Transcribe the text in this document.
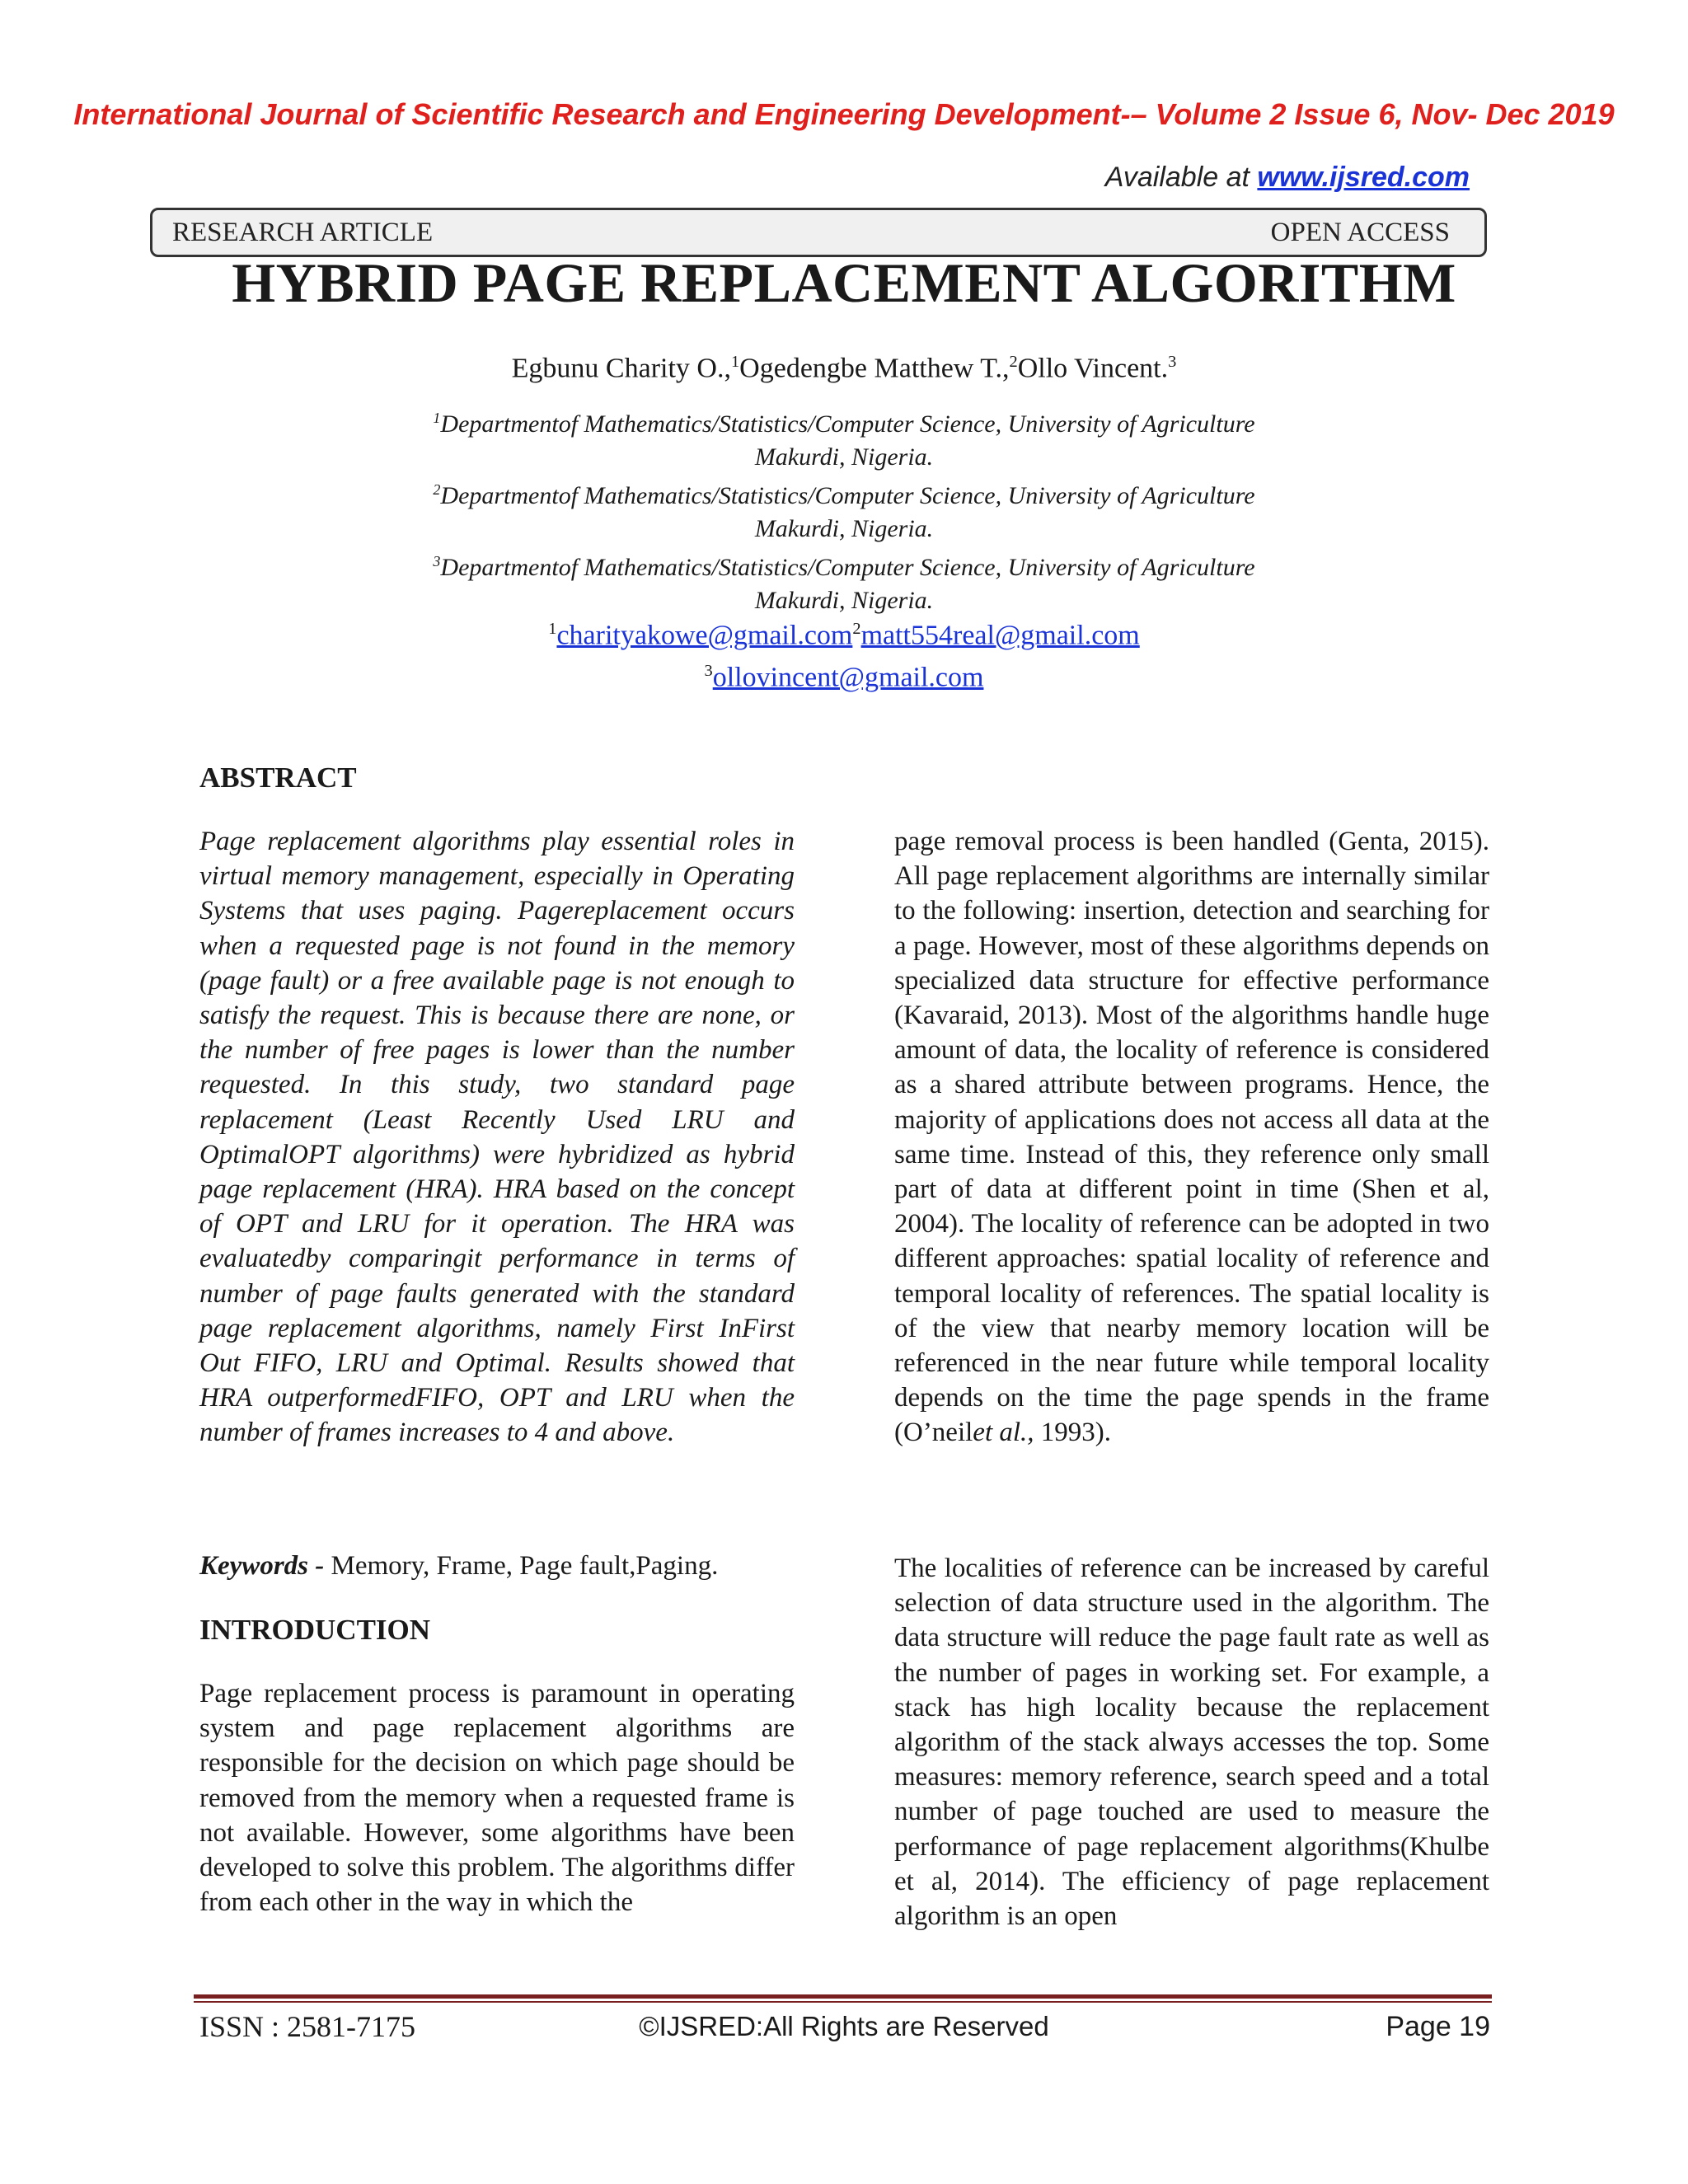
International Journal of Scientific Research and Engineering Development-– Volume 2 Issue 6, Nov- Dec 2019
Available at www.ijsred.com
RESEARCH ARTICLE	OPEN ACCESS
HYBRID PAGE REPLACEMENT ALGORITHM
Egbunu Charity O.,$^1$Ogedengbe Matthew T.,$^2$Ollo Vincent.$^3$
$^1$Departmentof Mathematics/Statistics/Computer Science, University of Agriculture
Makurdi, Nigeria.
$^2$Departmentof Mathematics/Statistics/Computer Science, University of Agriculture
Makurdi, Nigeria.
$^3$Departmentof Mathematics/Statistics/Computer Science, University of Agriculture
Makurdi, Nigeria.
$^1$charityakowe@gmail.com$^2$matt554real@gmail.com
$^3$ollovincent@gmail.com
ABSTRACT

Page replacement algorithms play essential roles in virtual memory management, especially in Operating Systems that uses paging. Pagereplacement occurs when a requested page is not found in the memory (page fault) or a free available page is not enough to satisfy the request. This is because there are none, or the number of free pages is lower than the number requested. In this study, two standard page replacement (Least Recently Used LRU and OptimalOPT algorithms) were hybridized as hybrid page replacement (HRA). HRA based on the concept of OPT and LRU for it operation. The HRA was evaluatedby comparingit performance in terms of number of page faults generated with the standard page replacement algorithms, namely First InFirst Out FIFO, LRU and Optimal. Results showed that HRA outperformedFIFO, OPT and LRU when the number of frames increases to 4 and above.

Keywords - Memory, Frame, Page fault,Paging.
INTRODUCTION

Page replacement process is paramount in operating system and page replacement algorithms are responsible for the decision on which page should be removed from the memory when a requested frame is not available. However, some algorithms have been developed to solve this problem. The algorithms differ from each other in the way in which the

page removal process is been handled (Genta, 2015). All page replacement algorithms are internally similar to the following: insertion, detection and searching for a page. However, most of these algorithms depends on specialized data structure for effective performance (Kavaraid, 2013). Most of the algorithms handle huge amount of data, the locality of reference is considered as a shared attribute between programs. Hence, the majority of applications does not access all data at the same time. Instead of this, they reference only small part of data at different point in time (Shen et al, 2004). The locality of reference can be adopted in two different approaches: spatial locality of reference and temporal locality of references. The spatial locality is of the view that nearby memory location will be referenced in the near future while temporal locality depends on the time the page spends in the frame (O’neilet al., 1993).

The localities of reference can be increased by careful selection of data structure used in the algorithm. The data structure will reduce the page fault rate as well as the number of pages in working set. For example, a stack has high locality because the replacement algorithm of the stack always accesses the top. Some measures: memory reference, search speed and a total number of page touched are used to measure the performance of page replacement algorithms(Khulbe et al, 2014). The efficiency of page replacement algorithm is an open

ISSN : 2581-7175	©IJSRED:All Rights are Reserved	Page 19
